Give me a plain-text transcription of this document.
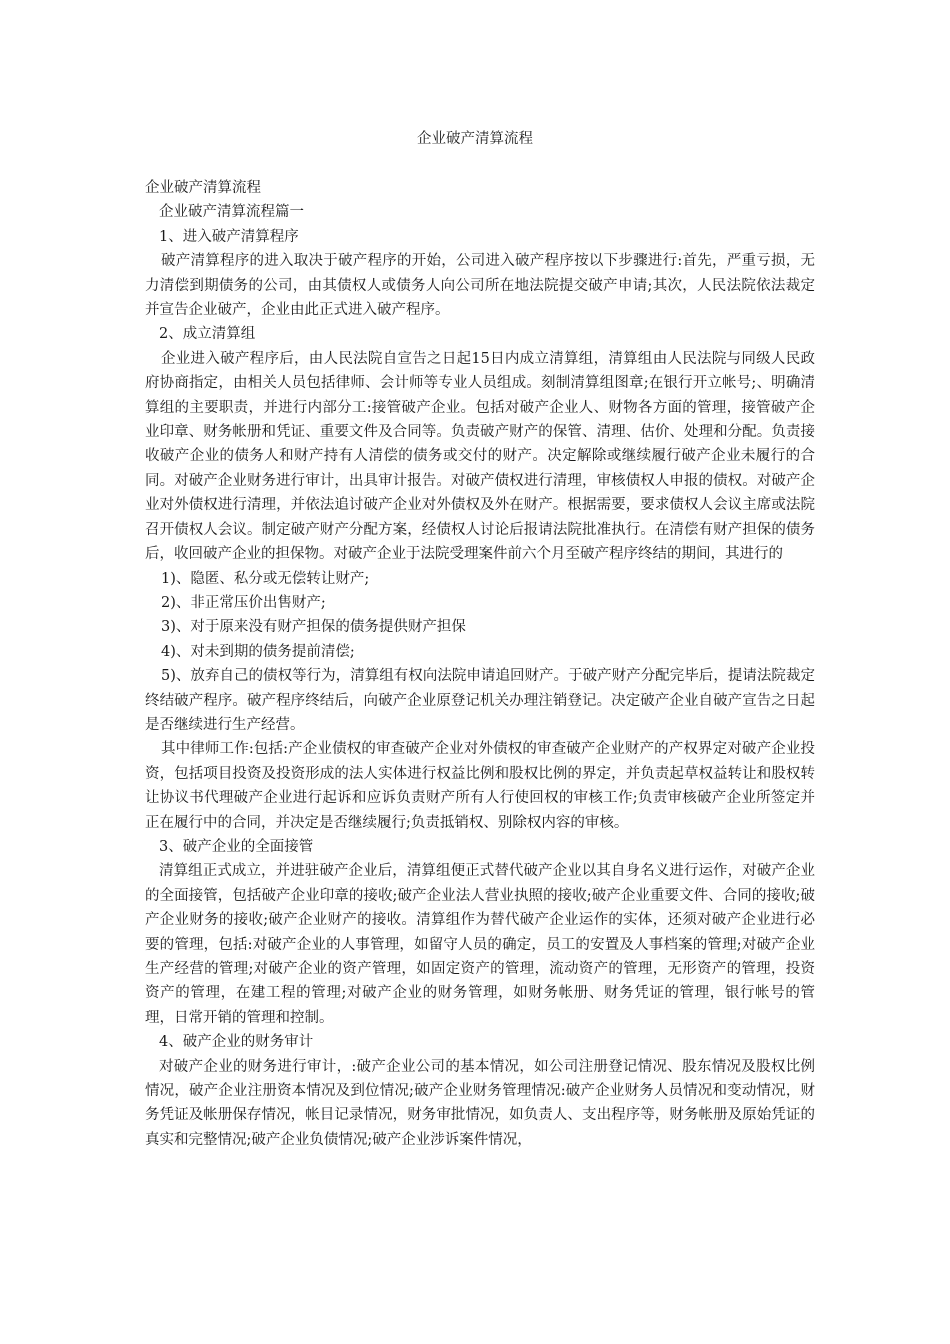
企业破产清算流程

企业破产清算流程

企业破产清算流程篇一

1、进入破产清算程序

破产清算程序的进入取决于破产程序的开始，公司进入破产程序按以下步骤进行:首先，严重亏损，无力清偿到期债务的公司，由其债权人或债务人向公司所在地法院提交破产申请;其次，人民法院依法裁定并宣告企业破产，企业由此正式进入破产程序。

2、成立清算组

企业进入破产程序后，由人民法院自宣告之日起15日内成立清算组，清算组由人民法院与同级人民政府协商指定，由相关人员包括律师、会计师等专业人员组成。刻制清算组图章;在银行开立帐号;、明确清算组的主要职责，并进行内部分工:接管破产企业。包括对破产企业人、财物各方面的管理，接管破产企业印章、财务帐册和凭证、重要文件及合同等。负责破产财产的保管、清理、估价、处理和分配。负责接收破产企业的债务人和财产持有人清偿的债务或交付的财产。决定解除或继续履行破产企业未履行的合同。对破产企业财务进行审计，出具审计报告。对破产债权进行清理，审核债权人申报的债权。对破产企业对外债权进行清理，并依法追讨破产企业对外债权及外在财产。根据需要，要求债权人会议主席或法院召开债权人会议。制定破产财产分配方案，经债权人讨论后报请法院批准执行。在清偿有财产担保的债务后，收回破产企业的担保物。对破产企业于法院受理案件前六个月至破产程序终结的期间，其进行的

1)、隐匿、私分或无偿转让财产;

2)、非正常压价出售财产;

3)、对于原来没有财产担保的债务提供财产担保

4)、对未到期的债务提前清偿;

5)、放弃自己的债权等行为，清算组有权向法院申请追回财产。于破产财产分配完毕后，提请法院裁定终结破产程序。破产程序终结后，向破产企业原登记机关办理注销登记。决定破产企业自破产宣告之日起是否继续进行生产经营。

其中律师工作:包括:产企业债权的审查破产企业对外债权的审查破产企业财产的产权界定对破产企业投资，包括项目投资及投资形成的法人实体进行权益比例和股权比例的界定，并负责起草权益转让和股权转让协议书代理破产企业进行起诉和应诉负责财产所有人行使回权的审核工作;负责审核破产企业所签定并正在履行中的合同，并决定是否继续履行;负责抵销权、别除权内容的审核。

3、破产企业的全面接管

清算组正式成立，并进驻破产企业后，清算组便正式替代破产企业以其自身名义进行运作，对破产企业的全面接管，包括破产企业印章的接收;破产企业法人营业执照的接收;破产企业重要文件、合同的接收;破产企业财务的接收;破产企业财产的接收。清算组作为替代破产企业运作的实体，还须对破产企业进行必要的管理，包括:对破产企业的人事管理，如留守人员的确定，员工的安置及人事档案的管理;对破产企业生产经营的管理;对破产企业的资产管理，如固定资产的管理，流动资产的管理，无形资产的管理，投资资产的管理，在建工程的管理;对破产企业的财务管理，如财务帐册、财务凭证的管理，银行帐号的管理，日常开销的管理和控制。

4、破产企业的财务审计

对破产企业的财务进行审计，:破产企业公司的基本情况，如公司注册登记情况、股东情况及股权比例情况，破产企业注册资本情况及到位情况;破产企业财务管理情况:破产企业财务人员情况和变动情况，财务凭证及帐册保存情况，帐目记录情况，财务审批情况，如负责人、支出程序等，财务帐册及原始凭证的真实和完整情况;破产企业负债情况;破产企业涉诉案件情况，
